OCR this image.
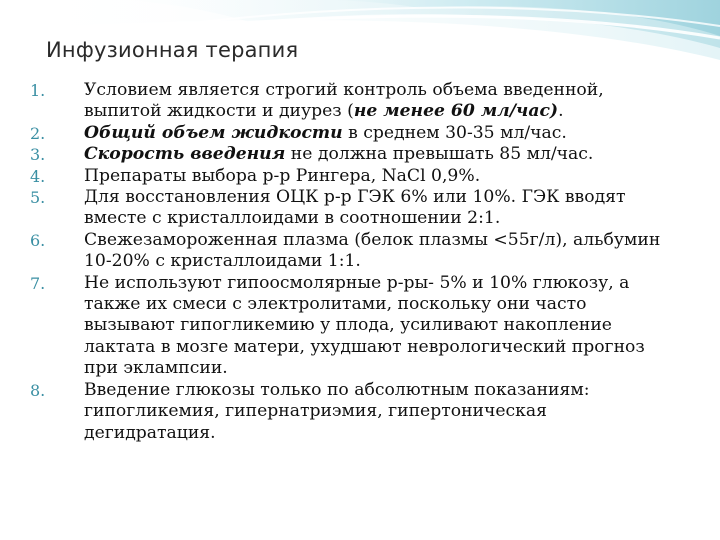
Инфузионная терапия
1.	Условием является строгий контроль объема введенной, выпитой жидкости и диурез (не менее 60 мл/час).
2.	Общий объем жидкости в среднем 30-35 мл/час.
3.	Скорость введения не должна превышать 85 мл/час.
4.	Препараты выбора р-р Рингера, NaCl 0,9%.
5.	Для восстановления ОЦК р-р ГЭК 6% или 10%. ГЭК вводят вместе с кристаллоидами в соотношении 2:1.
6.	Свежезамороженная плазма (белок плазмы <55г/л), альбумин 10-20% с кристаллоидами 1:1.
7.	Не используют гипоосмолярные р-ры- 5% и 10% глюкозу, а также их смеси с электролитами, поскольку они часто вызывают гипогликемию у плода, усиливают накопление лактата в мозге матери, ухудшают неврологический прогноз при эклампсии.
8.	Введение глюкозы только по абсолютным показаниям: гипогликемия, гипернатриэмия, гипертоническая дегидратация.
